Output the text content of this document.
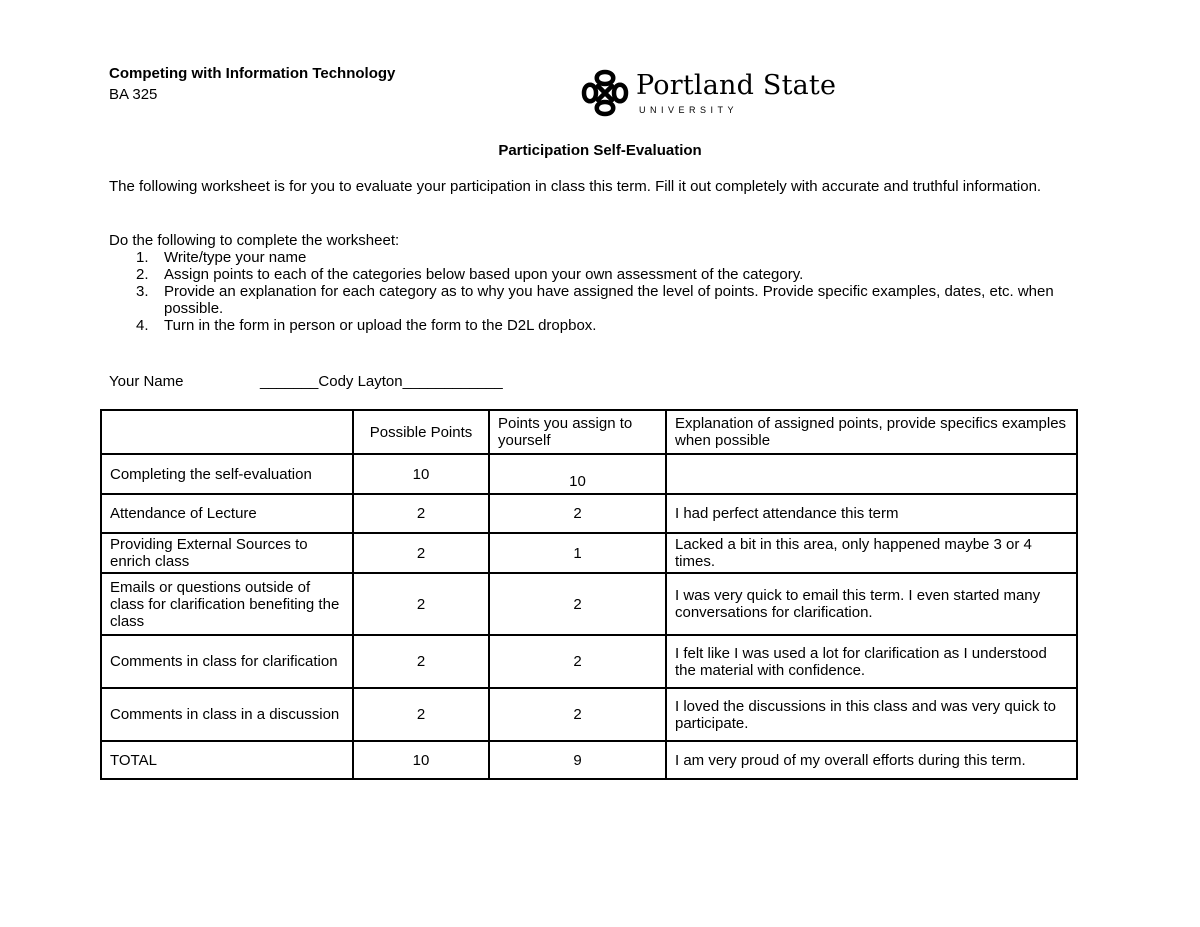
Competing with Information Technology
BA 325	Portland State
UNIVERSITY
Participation Self-Evaluation
The following worksheet is for you to evaluate your participation in class this term. Fill it out completely with accurate and truthful information.
Do the following to complete the worksheet:
1. Write/type your name
2. Assign points to each of the categories below based upon your own assessment of the category.
3. Provide an explanation for each category as to why you have assigned the level of points. Provide specific examples, dates, etc. when possible.
4. Turn in the form in person or upload the form to the D2L dropbox.
Your Name	_______Cody Layton____________
	Possible Points	Points you assign to yourself	Explanation of assigned points, provide specifics examples when possible
Completing the self-evaluation	10	10	
Attendance of Lecture	2	2	I had perfect attendance this term
Providing External Sources to enrich class	2	1	Lacked a bit in this area, only happened maybe 3 or 4 times.
Emails or questions outside of class for clarification benefiting the class	2	2	I was very quick to email this term. I even started many conversations for clarification.
Comments in class for clarification	2	2	I felt like I was used a lot for clarification as I understood the material with confidence.
Comments in class in a discussion	2	2	I loved the discussions in this class and was very quick to participate.
TOTAL	10	9	I am very proud of my overall efforts during this term.
